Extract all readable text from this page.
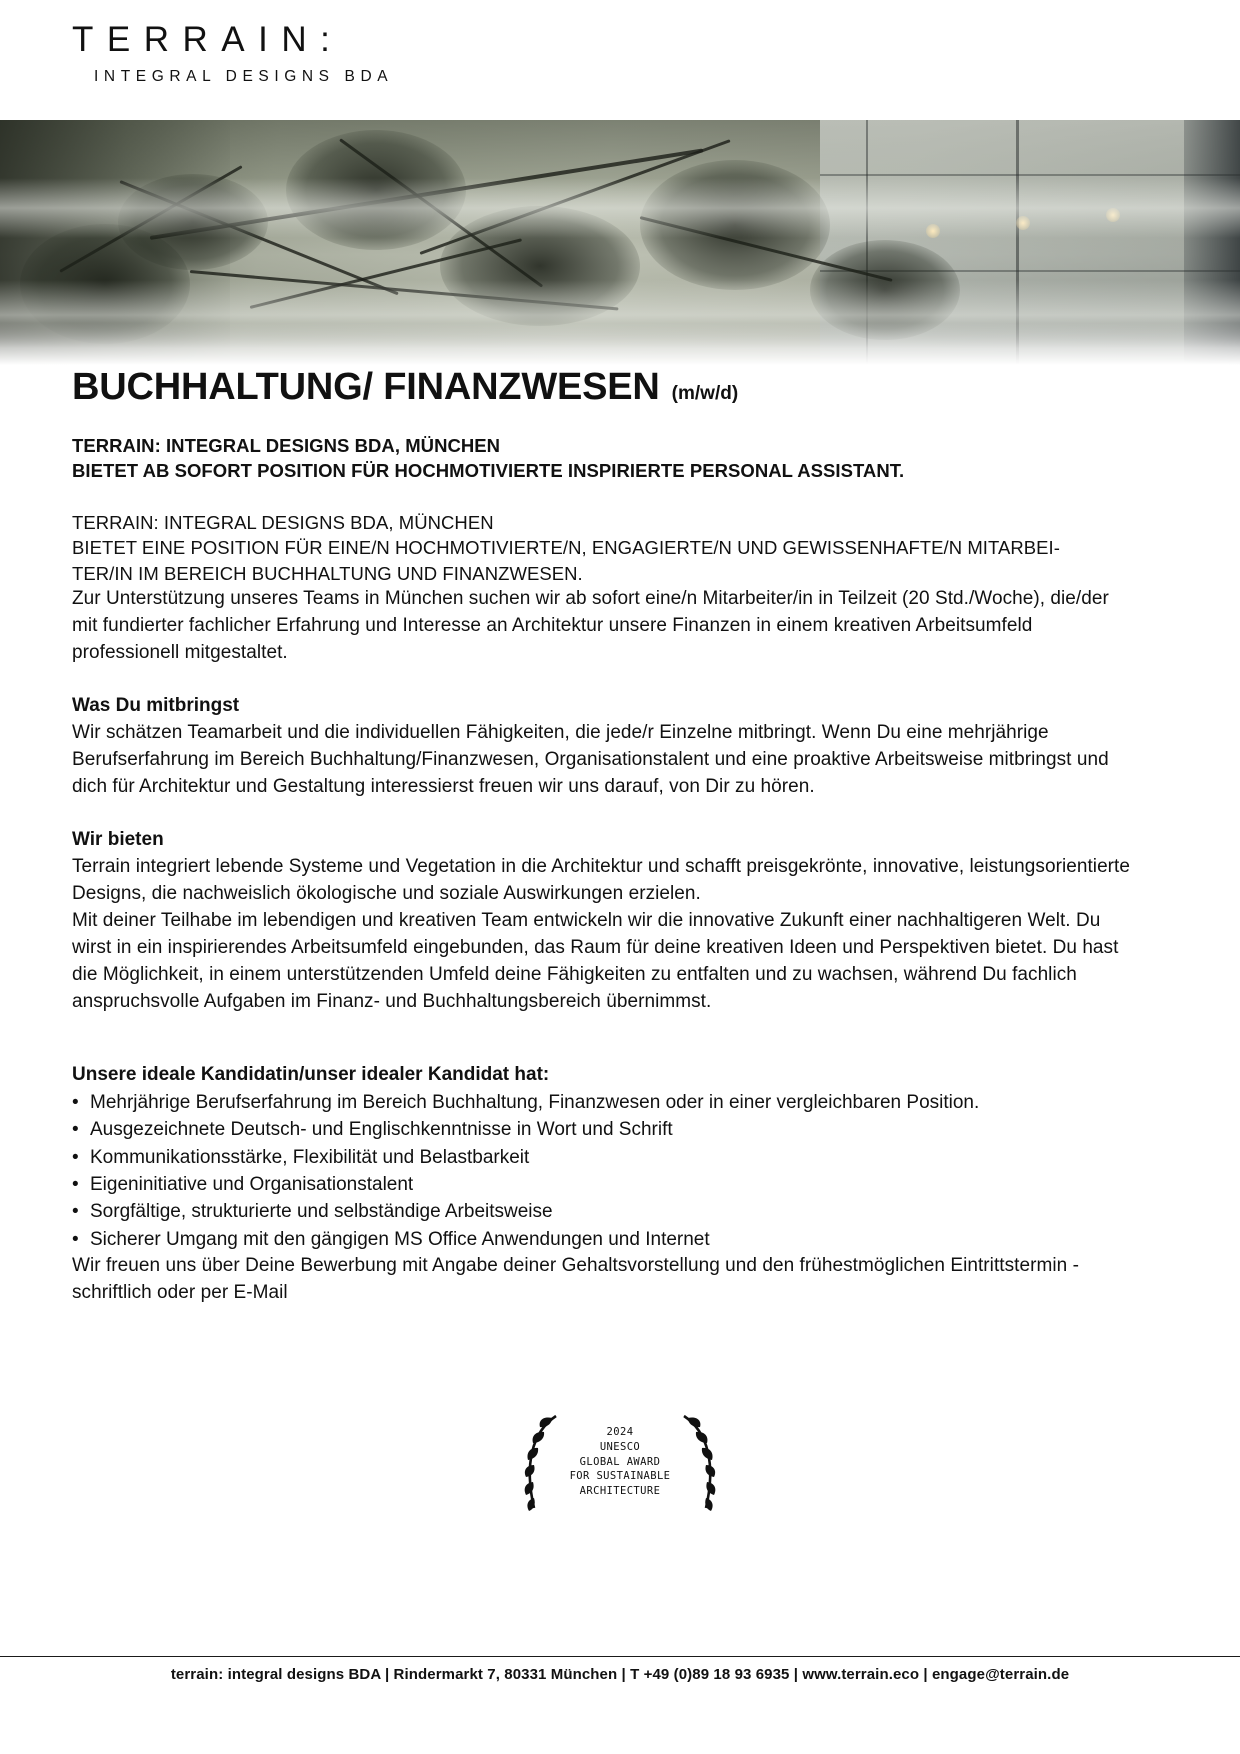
TERRAIN:
INTEGRAL DESIGNS BDA
BUCHHALTUNG/ FINANZWESEN (m/w/d)
TERRAIN: INTEGRAL DESIGNS BDA, MÜNCHEN
BIETET AB SOFORT POSITION FÜR HOCHMOTIVIERTE INSPIRIERTE PERSONAL ASSISTANT.
TERRAIN: INTEGRAL DESIGNS BDA, MÜNCHEN
BIETET EINE POSITION FÜR EINE/N HOCHMOTIVIERTE/N, ENGAGIERTE/N UND GEWISSENHAFTE/N MITARBEI-
TER/IN IM BEREICH BUCHHALTUNG UND FINANZWESEN.

Zur Unterstützung unseres Teams in München suchen wir ab sofort eine/n Mitarbeiter/in in Teilzeit (20 Std./Woche), die/der mit fundierter fachlicher Erfahrung und Interesse an Architektur unsere Finanzen in einem kreativen Arbeitsumfeld professionell mitgestaltet.

Was Du mitbringst

Wir schätzen Teamarbeit und die individuellen Fähigkeiten, die jede/r Einzelne mitbringt. Wenn Du eine mehrjährige Berufserfahrung im Bereich Buchhaltung/Finanzwesen, Organisationstalent und eine proaktive Arbeitsweise mitbringst und dich für Architektur und Gestaltung interessierst freuen wir uns darauf, von Dir zu hören.

Wir bieten

Terrain integriert lebende Systeme und Vegetation in die Architektur und schafft preisgekrönte, innovative, leistungsorientierte Designs, die nachweislich ökologische und soziale Auswirkungen erzielen.

Mit deiner Teilhabe im lebendigen und kreativen Team entwickeln wir die innovative Zukunft einer nachhaltigeren Welt. Du wirst in ein inspirierendes Arbeitsumfeld eingebunden, das Raum für deine kreativen Ideen und Perspektiven bietet. Du hast die Möglichkeit, in einem unterstützenden Umfeld deine Fähigkeiten zu entfalten und zu wachsen, während Du fachlich anspruchsvolle Aufgaben im Finanz- und Buchhaltungsbereich übernimmst.

Unsere ideale Kandidatin/unser idealer Kandidat hat:
• Mehrjährige Berufserfahrung im Bereich Buchhaltung, Finanzwesen oder in einer vergleichbaren Position.
• Ausgezeichnete Deutsch- und Englischkenntnisse in Wort und Schrift
• Kommunikationsstärke, Flexibilität und Belastbarkeit
• Eigeninitiative und Organisationstalent
• Sorgfältige, strukturierte und selbständige Arbeitsweise
• Sicherer Umgang mit den gängigen MS Office Anwendungen und Internet

Wir freuen uns über Deine Bewerbung mit Angabe deiner Gehaltsvorstellung und den frühestmöglichen Eintrittstermin - schriftlich oder per E-Mail

2024
UNESCO
GLOBAL AWARD
FOR SUSTAINABLE
ARCHITECTURE
terrain: integral designs BDA | Rindermarkt 7, 80331 München | T +49 (0)89 18 93 6935 | www.terrain.eco | engage@terrain.de
